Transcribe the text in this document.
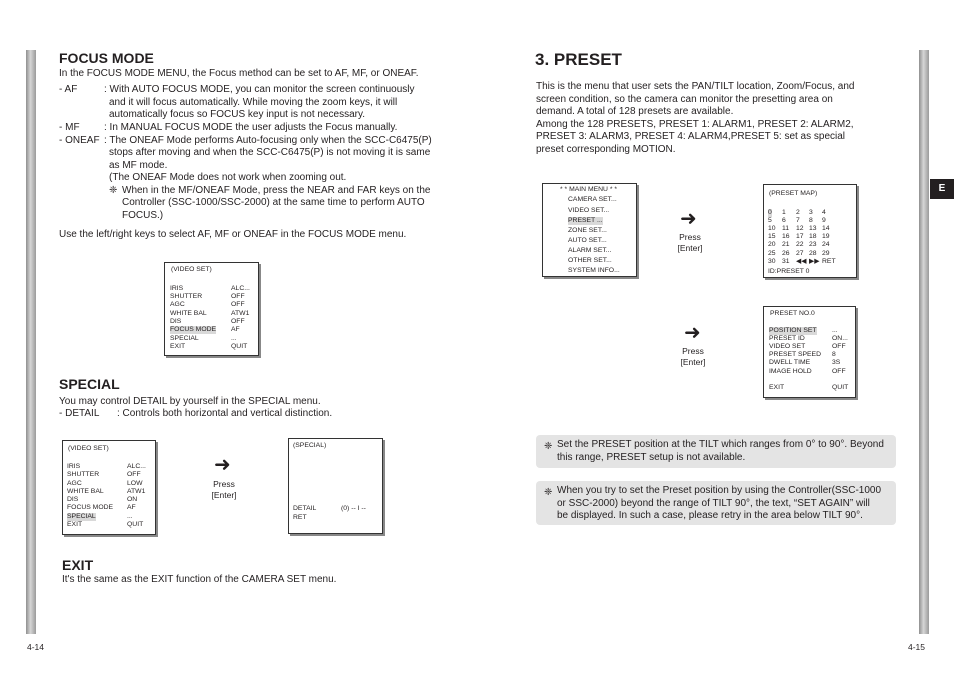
E
FOCUS MODE
In the FOCUS MODE MENU, the Focus method can be set to AF, MF, or ONEAF.
- AF	: With AUTO FOCUS MODE, you can monitor the screen continuously
and it will focus automatically. While moving the zoom keys, it will
automatically focus so FOCUS key input is not necessary.
- MF : In MANUAL FOCUS MODE the user adjusts the Focus manually.
- ONEAF : The ONEAF Mode performs Auto-focusing only when the SCC-C6475(P)
stops after moving and when the SCC-C6475(P) is not moving it is same
as MF mode.
(The ONEAF Mode does not work when zooming out.
❈ When in the MF/ONEAF Mode, press the NEAR and FAR keys on the
Controller (SSC-1000/SSC-2000) at the same time to perform AUTO
FOCUS.)
Use the left/right keys to select AF, MF or ONEAF in the FOCUS MODE menu.
(VIDEO SET)
IRIS	ALC...
SHUTTER	OFF
AGC	OFF
WHITE BAL	ATW1
DIS	OFF
FOCUS MODE AF
SPECIAL	...
EXIT	QUIT
SPECIAL
You may control DETAIL by yourself in the SPECIAL menu.
- DETAIL : Controls both horizontal and vertical distinction.
(VIDEO SET)
IRIS	ALC...
SHUTTER	OFF
AGC	LOW
WHITE BAL	ATW1
DIS	ON
FOCUS MODE AF
SPECIAL	...
EXIT	QUIT
➜
Press
[Enter]
(SPECIAL)
DETAIL	(0) -- I --
RET
EXIT
It's the same as the EXIT function of the CAMERA SET menu.
4-14
3. PRESET
This is the menu that user sets the PAN/TILT location, Zoom/Focus, and
screen condition, so the camera can monitor the presetting area on
demand. A total of 128 presets are available.
Among the 128 PRESETS, PRESET 1: ALARM1, PRESET 2: ALARM2,
PRESET 3: ALARM3, PRESET 4: ALARM4,PRESET 5: set as special
preset corresponding MOTION.
* * MAIN MENU * *
CAMERA SET...
VIDEO SET...
PRESET ...
ZONE SET...
AUTO SET...
ALARM SET...
OTHER SET...
SYSTEM INFO...
➜
Press
[Enter]
(PRESET MAP)
0 1 2 3 4
5 6 7 8 9
10 11 12 13 14
15 16 17 18 19
20 21 22 23 24
25 26 27 28 29
30 31 ◀◀ ▶▶ RET
ID:PRESET 0
➜
Press
[Enter]
PRESET NO.0
POSITION SET ...
PRESET ID	ON...
VIDEO SET	OFF
PRESET SPEED 8
DWELL TIME	3S
IMAGE HOLD	OFF
EXIT	QUIT
❈ Set the PRESET position at the TILT which ranges from 0° to 90°. Beyond
this range, PRESET setup is not available.
❈ When you try to set the Preset position by using the Controller(SSC-1000
or SSC-2000) beyond the range of TILT 90°, the text, “SET AGAIN” will
be displayed. In such a case, please retry in the area below TILT 90°.
4-15
